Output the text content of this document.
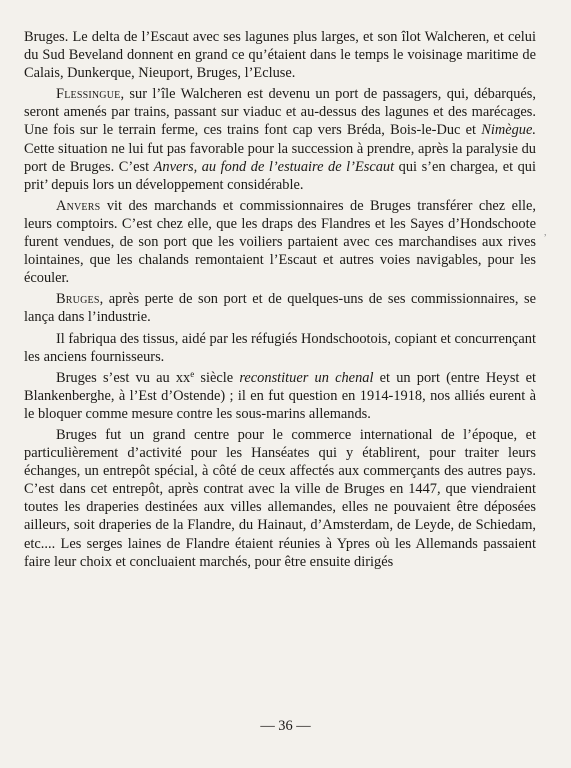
Bruges. Le delta de l’Escaut avec ses lagunes plus larges, et son îlot Walcheren, et celui du Sud Beveland donnent en grand ce qu’étaient dans le temps le voisinage maritime de Calais, Dunkerque, Nieuport, Bruges, l’Ecluse.

Flessingue, sur l’île Walcheren est devenu un port de passagers, qui, débarqués, seront amenés par trains, passant sur viaduc et au-dessus des lagunes et des marécages. Une fois sur le terrain ferme, ces trains font cap vers Bréda, Bois-le-Duc et Nimègue. Cette situation ne lui fut pas favorable pour la succession à prendre, après la paralysie du port de Bruges. C’est Anvers, au fond de l’estuaire de l’Escaut qui s’en chargea, et qui prit’ depuis lors un développement considérable.

Anvers vit des marchands et commissionnaires de Bruges transférer chez elle, leurs comptoirs. C’est chez elle, que les draps des Flandres et les Sayes d’Hondschoote furent vendues, de son port que les voiliers partaient avec ces marchandises aux rives lointaines, que les chalands remontaient l’Escaut et autres voies navigables, pour les écouler.

Bruges, après perte de son port et de quelques-uns de ses commissionnaires, se lança dans l’industrie.

Il fabriqua des tissus, aidé par les réfugiés Hondschootois, copiant et concurrençant les anciens fournisseurs.

Bruges s’est vu au $xx^e$ siècle reconstituer un chenal et un port (entre Heyst et Blankenberghe, à l’Est d’Ostende) ; il en fut question en 1914-1918, nos alliés eurent à le bloquer comme mesure contre les sous-marins allemands.

Bruges fut un grand centre pour le commerce international de l’époque, et particulièrement d’activité pour les Hanséates qui y établirent, pour traiter leurs échanges, un entrepôt spécial, à côté de ceux affectés aux commerçants des autres pays. C’est dans cet entrepôt, après contrat avec la ville de Bruges en 1447, que viendraient toutes les draperies destinées aux villes allemandes, elles ne pouvaient être déposées ailleurs, soit draperies de la Flandre, du Hainaut, d’Amsterdam, de Leyde, de Schiedam, etc.... Les serges laines de Flandre étaient réunies à Ypres où les Allemands passaient faire leur choix et concluaient marchés, pour être ensuite dirigés

,
— 36 —
